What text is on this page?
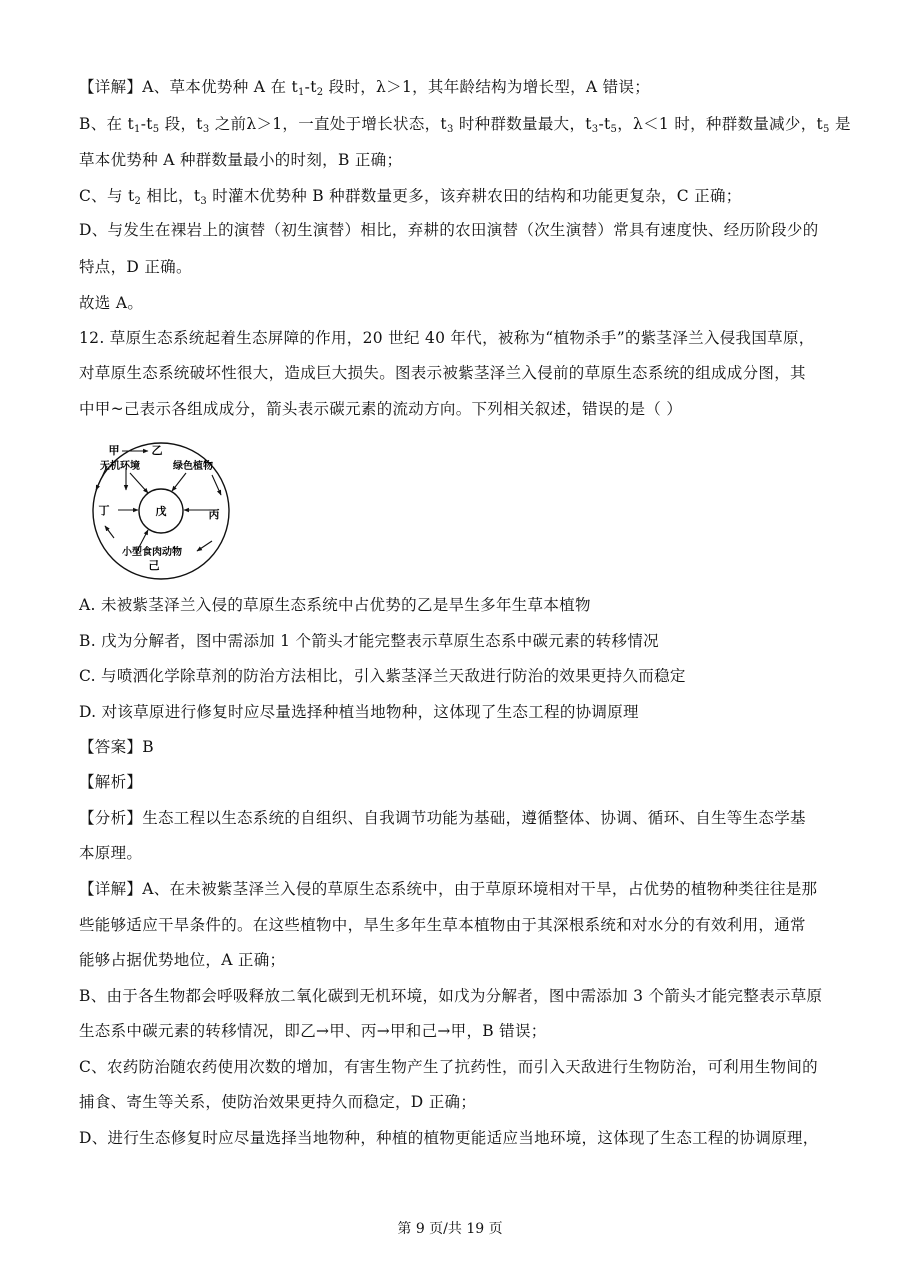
【详解】A、草本优势种 A 在 $t_1-t_2$ 段时，λ＞1，其年龄结构为增长型，A 错误；
B、在 $t_1-t_5$ 段，$t_3$ 之前λ＞1，一直处于增长状态，$t_3$ 时种群数量最大，$t_3-t_5$，λ＜1 时，种群数量减少，$t_5$ 是
草本优势种 A 种群数量最小的时刻，B 正确；
C、与 $t_2$ 相比，$t_3$ 时灌木优势种 B 种群数量更多，该弃耕农田的结构和功能更复杂，C 正确；
D、与发生在裸岩上的演替（初生演替）相比，弃耕的农田演替（次生演替）常具有速度快、经历阶段少的
特点，D 正确。
故选 A。
12. 草原生态系统起着生态屏障的作用，20 世纪 40 年代，被称为“植物杀手”的紫茎泽兰入侵我国草原，
对草原生态系统破坏性很大，造成巨大损失。图表示被紫茎泽兰入侵前的草原生态系统的组成成分图，其
中甲~己表示各组成成分，箭头表示碳元素的流动方向。下列相关叙述，错误的是（ ）
甲	乙
无机环境	绿色植物
戊
丁	丙
小型食肉动物
己
A. 未被紫茎泽兰入侵的草原生态系统中占优势的乙是旱生多年生草本植物
B. 戊为分解者，图中需添加 1 个箭头才能完整表示草原生态系中碳元素的转移情况
C. 与喷洒化学除草剂的防治方法相比，引入紫茎泽兰天敌进行防治的效果更持久而稳定
D. 对该草原进行修复时应尽量选择种植当地物种，这体现了生态工程的协调原理
【答案】B
【解析】
【分析】生态工程以生态系统的自组织、自我调节功能为基础，遵循整体、协调、循环、自生等生态学基
本原理。
【详解】A、在未被紫茎泽兰入侵的草原生态系统中，由于草原环境相对干旱，占优势的植物种类往往是那
些能够适应干旱条件的。在这些植物中，旱生多年生草本植物由于其深根系统和对水分的有效利用，通常
能够占据优势地位，A 正确；
B、由于各生物都会呼吸释放二氧化碳到无机环境，如戊为分解者，图中需添加 3 个箭头才能完整表示草原
生态系中碳元素的转移情况，即乙→甲、丙→甲和己→甲，B 错误；
C、农药防治随农药使用次数的增加，有害生物产生了抗药性，而引入天敌进行生物防治，可利用生物间的
捕食、寄生等关系，使防治效果更持久而稳定，D 正确；
D、进行生态修复时应尽量选择当地物种，种植的植物更能适应当地环境，这体现了生态工程的协调原理，
第 9 页/共 19 页
